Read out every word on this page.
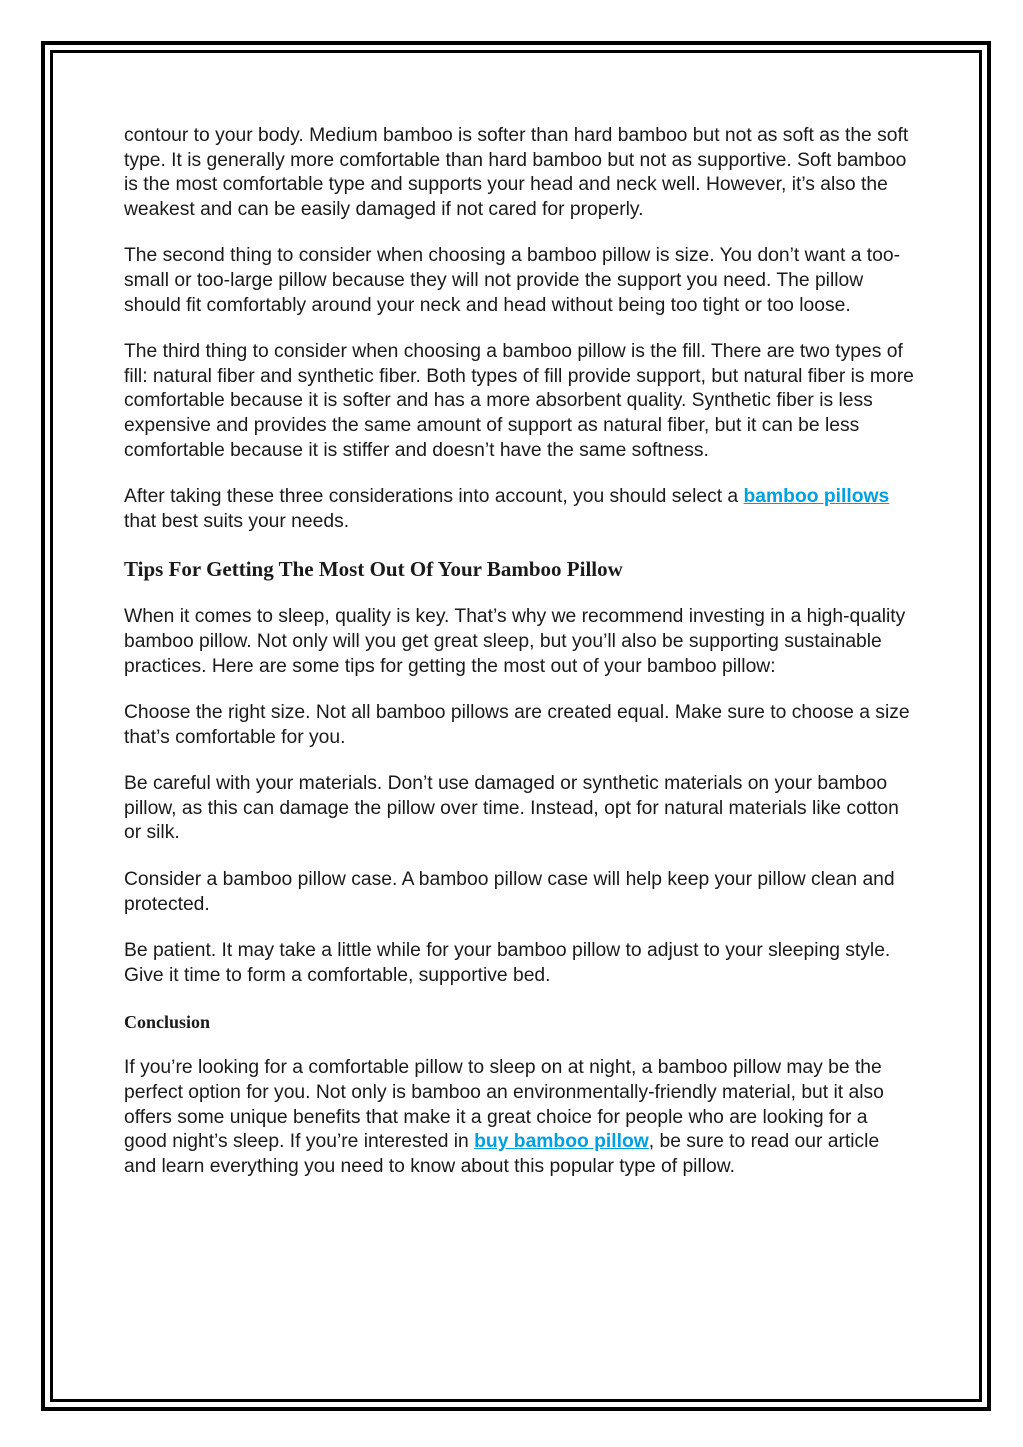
contour to your body. Medium bamboo is softer than hard bamboo but not as soft as the soft type. It is generally more comfortable than hard bamboo but not as supportive. Soft bamboo is the most comfortable type and supports your head and neck well. However, it’s also the weakest and can be easily damaged if not cared for properly.

The second thing to consider when choosing a bamboo pillow is size. You don’t want a too-small or too-large pillow because they will not provide the support you need. The pillow should fit comfortably around your neck and head without being too tight or too loose.

The third thing to consider when choosing a bamboo pillow is the fill. There are two types of fill: natural fiber and synthetic fiber. Both types of fill provide support, but natural fiber is more comfortable because it is softer and has a more absorbent quality. Synthetic fiber is less expensive and provides the same amount of support as natural fiber, but it can be less comfortable because it is stiffer and doesn’t have the same softness.

After taking these three considerations into account, you should select a bamboo pillows that best suits your needs.

Tips For Getting The Most Out Of Your Bamboo Pillow

When it comes to sleep, quality is key. That’s why we recommend investing in a high-quality bamboo pillow. Not only will you get great sleep, but you’ll also be supporting sustainable practices. Here are some tips for getting the most out of your bamboo pillow:

Choose the right size. Not all bamboo pillows are created equal. Make sure to choose a size that’s comfortable for you.

Be careful with your materials. Don’t use damaged or synthetic materials on your bamboo pillow, as this can damage the pillow over time. Instead, opt for natural materials like cotton or silk.

Consider a bamboo pillow case. A bamboo pillow case will help keep your pillow clean and protected.

Be patient. It may take a little while for your bamboo pillow to adjust to your sleeping style. Give it time to form a comfortable, supportive bed.

Conclusion

If you’re looking for a comfortable pillow to sleep on at night, a bamboo pillow may be the perfect option for you. Not only is bamboo an environmentally-friendly material, but it also offers some unique benefits that make it a great choice for people who are looking for a good night’s sleep. If you’re interested in buy bamboo pillow, be sure to read our article and learn everything you need to know about this popular type of pillow.
